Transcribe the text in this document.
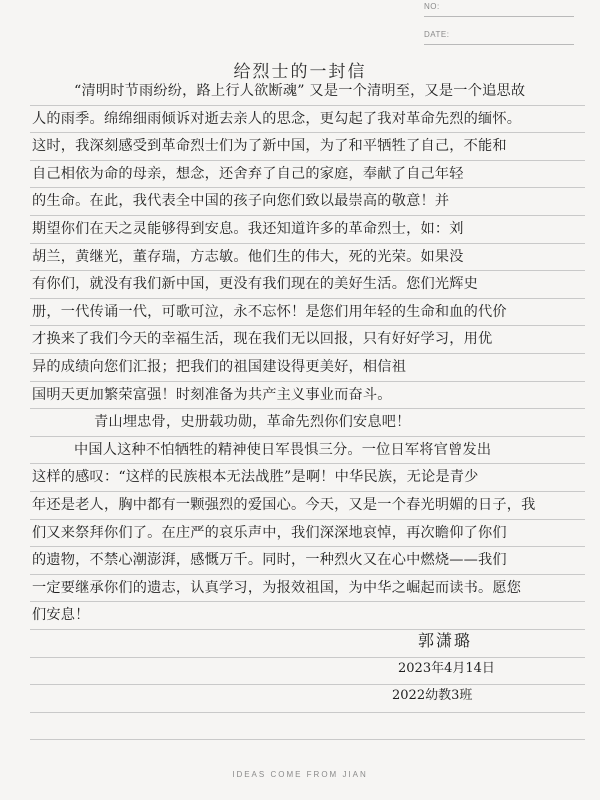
NO:
DATE:
给烈士的一封信
“清明时节雨纷纷，路上行人欲断魂” 又是一个清明至，又是一个追思故
人的雨季。绵绵细雨倾诉对逝去亲人的思念，更勾起了我对革命先烈的缅怀。
这时，我深刻感受到革命烈士们为了新中国，为了和平牺牲了自己，不能和
自己相依为命的母亲，想念，还舍弃了自己的家庭，奉献了自己年轻
的生命。在此，我代表全中国的孩子向您们致以最崇高的敬意！并
期望你们在天之灵能够得到安息。我还知道许多的革命烈士，如：刘
胡兰，黄继光，董存瑞，方志敏。他们生的伟大，死的光荣。如果没
有你们，就没有我们新中国，更没有我们现在的美好生活。您们光辉史
册，一代传诵一代，可歌可泣，永不忘怀！是您们用年轻的生命和血的代价
才换来了我们今天的幸福生活，现在我们无以回报，只有好好学习，用优
异的成绩向您们汇报；把我们的祖国建设得更美好，相信祖
国明天更加繁荣富强！时刻准备为共产主义事业而奋斗。
青山埋忠骨，史册载功勋，革命先烈你们安息吧！
中国人这种不怕牺牲的精神使日军畏惧三分。一位日军将官曾发出
这样的感叹：“这样的民族根本无法战胜”是啊！中华民族，无论是青少
年还是老人，胸中都有一颗强烈的爱国心。今天，又是一个春光明媚的日子，我
们又来祭拜你们了。在庄严的哀乐声中，我们深深地哀悼，再次瞻仰了你们
的遗物，不禁心潮澎湃，感慨万千。同时，一种烈火又在心中燃烧——我们
一定要继承你们的遗志，认真学习，为报效祖国，为中华之崛起而读书。愿您
们安息！
郭潇璐
2023年4月14日
2022幼教3班
IDEAS COME FROM JIAN
